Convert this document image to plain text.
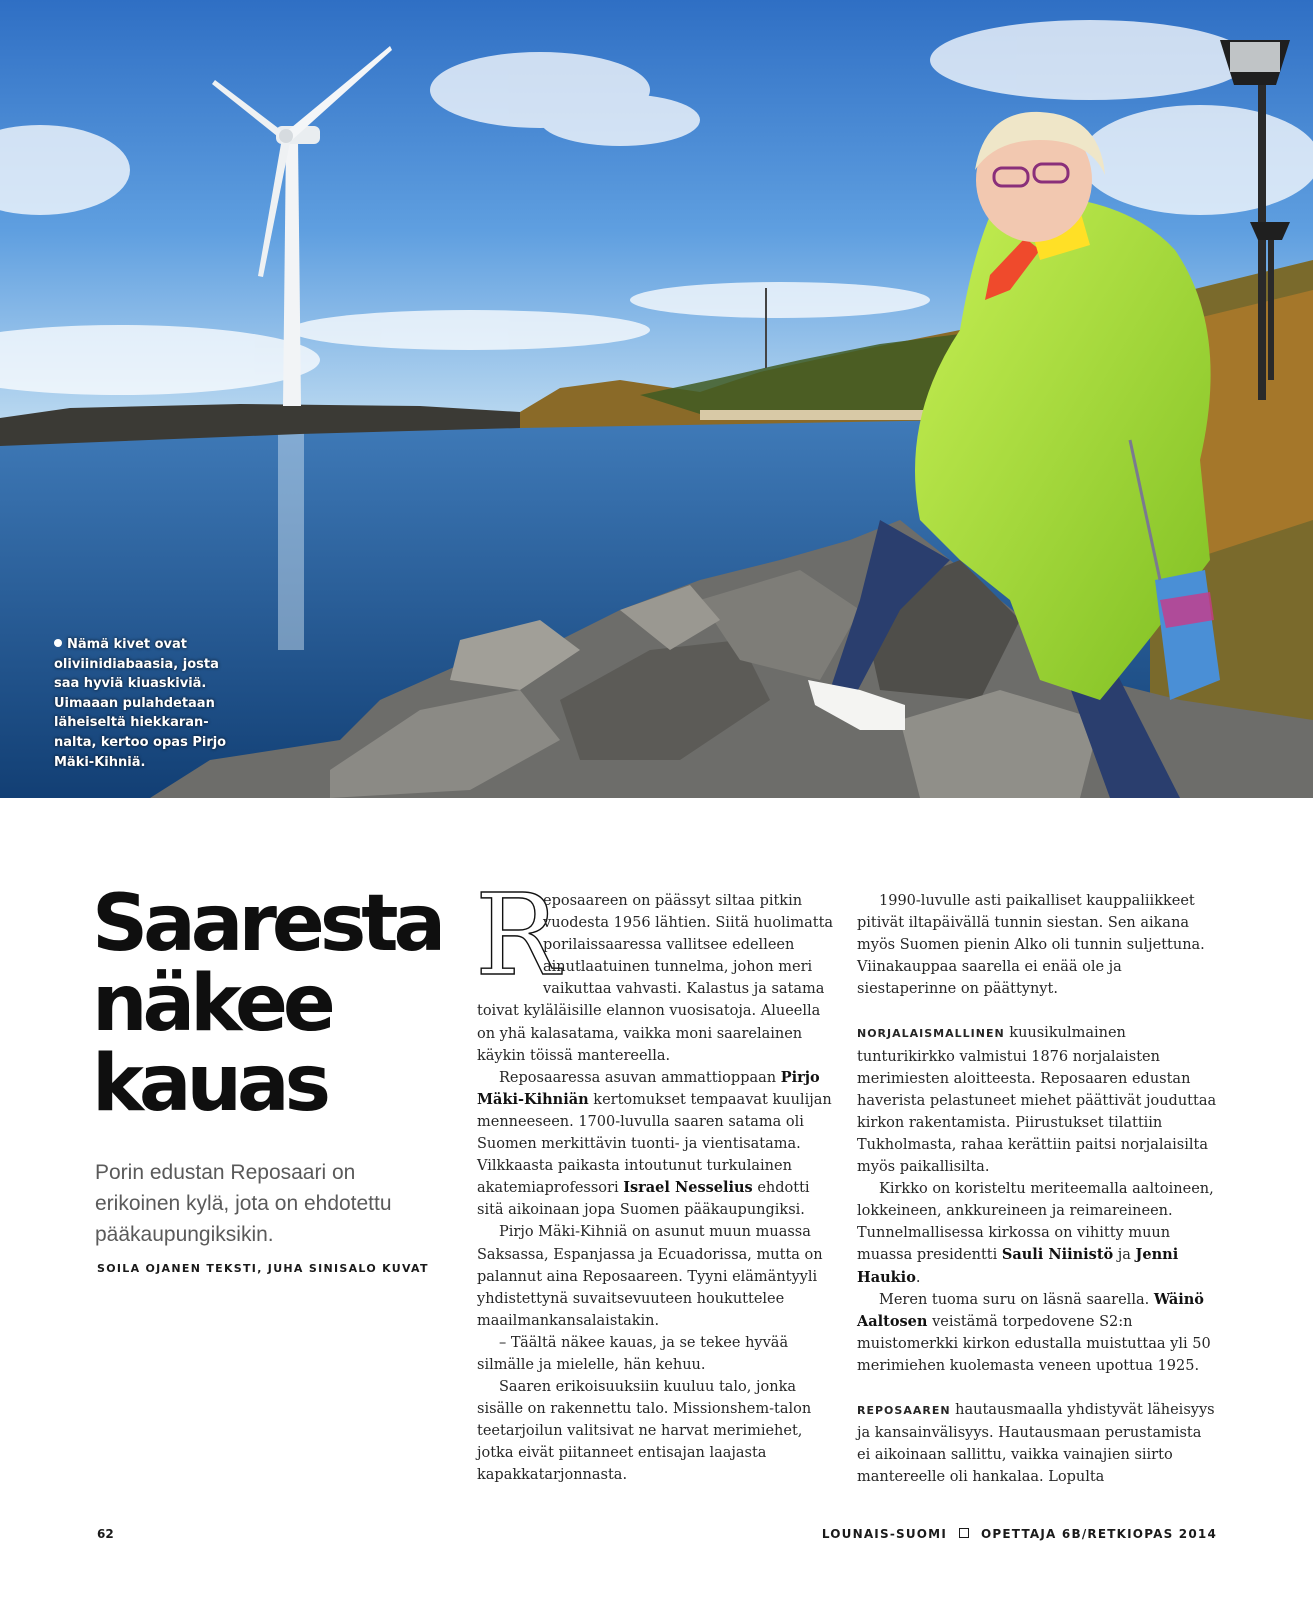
Nämä kivet ovat oliviinidiabaasia, josta saa hyviä kiuaskiviä. Uimaaan pulahdetaan läheiseltä hiekkaran-nalta, kertoo opas Pirjo Mäki-Kihniä.

Saaresta
näkee
kauas

Porin edustan Reposaari on erikoinen kylä, jota on ehdotettu pääkaupungiksikin.

SOILA OJANEN TEKSTI, JUHA SINISALO KUVAT

R
eposaareen on päässyt siltaa pitkin vuodesta 1956 lähtien. Siitä huolimatta porilaissaaressa vallitsee edelleen ainutlaatuinen tunnelma, johon meri vaikuttaa vahvasti. Kalastus ja satama toivat kyläläisille elannon vuosisatoja. Alueella on yhä kalasatama, vaikka moni saarelainen käykin töissä mantereella.

Reposaaressa asuvan ammattioppaan Pirjo Mäki-Kihniän kertomukset tempaavat kuulijan menneeseen. 1700-luvulla saaren satama oli Suomen merkittävin tuonti- ja vientisatama. Vilkkaasta paikasta intoutunut turkulainen akatemiaprofessori Israel Nesselius ehdotti sitä aikoinaan jopa Suomen pääkaupungiksi.

Pirjo Mäki-Kihniä on asunut muun muassa Saksassa, Espanjassa ja Ecuadorissa, mutta on palannut aina Reposaareen. Tyyni elämäntyyli yhdistettynä suvaitsevuuteen houkuttelee maailmankansalaistakin.

– Täältä näkee kauas, ja se tekee hyvää silmälle ja mielelle, hän kehuu.

Saaren erikoisuuksiin kuuluu talo, jonka sisälle on rakennettu talo. Missionshem-talon teetarjoilun valitsivat ne harvat merimiehet, jotka eivät piitanneet entisajan laajasta kapakkatarjonnasta.

1990-luvulle asti paikalliset kauppaliikkeet pitivät iltapäivällä tunnin siestan. Sen aikana myös Suomen pienin Alko oli tunnin suljettuna. Viinakauppaa saarella ei enää ole ja siestaperinne on päättynyt.

NORJALAISMALLINEN kuusikulmainen tunturikirkko valmistui 1876 norjalaisten merimiesten aloitteesta. Reposaaren edustan haverista pelastuneet miehet päättivät jouduttaa kirkon rakentamista. Piirustukset tilattiin Tukholmasta, rahaa kerättiin paitsi norjalaisilta myös paikallisilta.

Kirkko on koristeltu meriteemalla aaltoineen, lokkeineen, ankkureineen ja reimareineen. Tunnelmallisessa kirkossa on vihitty muun muassa presidentti Sauli Niinistö ja Jenni Haukio.

Meren tuoma suru on läsnä saarella. Wäinö Aaltosen veistämä torpedovene S2:n muistomerkki kirkon edustalla muistuttaa yli 50 merimiehen kuolemasta veneen upottua 1925.

REPOSAAREN hautausmaalla yhdistyvät läheisyys ja kansainvälisyys. Hautausmaan perustamista ei aikoinaan sallittu, vaikka vainajien siirto mantereelle oli hankalaa. Lopulta

62	LOUNAIS-SUOMI	OPETTAJA 6B/RETKIOPAS 2014
